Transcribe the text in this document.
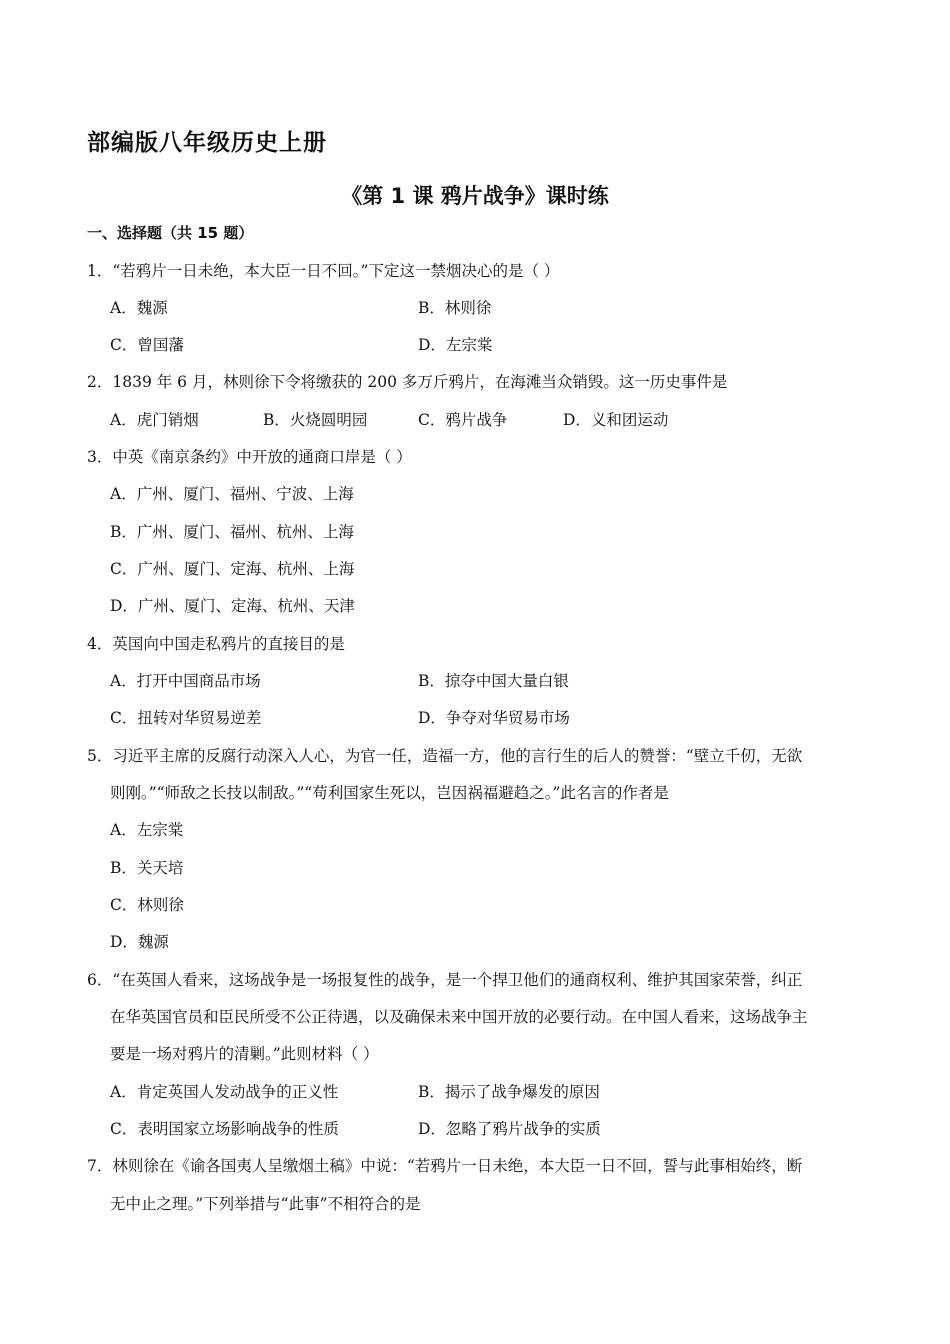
部编版八年级历史上册
《第 1 课 鸦片战争》课时练
一、选择题（共 15 题）
1．“若鸦片一日未绝，本大臣一日不回。”下定这一禁烟决心的是（ ）
A．魏源	B．林则徐
C．曾国藩	D．左宗棠
2．1839 年 6 月，林则徐下令将缴获的 200 多万斤鸦片，在海滩当众销毁。这一历史事件是
A．虎门销烟	B．火烧圆明园	C．鸦片战争	D．义和团运动
3．中英《南京条约》中开放的通商口岸是（ ）
A．广州、厦门、福州、宁波、上海
B．广州、厦门、福州、杭州、上海
C．广州、厦门、定海、杭州、上海
D．广州、厦门、定海、杭州、天津
4．英国向中国走私鸦片的直接目的是
A．打开中国商品市场	B．掠夺中国大量白银
C．扭转对华贸易逆差	D．争夺对华贸易市场
5．习近平主席的反腐行动深入人心，为官一任，造福一方，他的言行生的后人的赞誉：“壁立千仞，无欲
则刚。”“师敌之长技以制敌。”“苟利国家生死以，岂因祸福避趋之。”此名言的作者是
A．左宗棠
B．关天培
C．林则徐
D．魏源
6．“在英国人看来，这场战争是一场报复性的战争，是一个捍卫他们的通商权利、维护其国家荣誉，纠正
在华英国官员和臣民所受不公正待遇，以及确保未来中国开放的必要行动。在中国人看来，这场战争主
要是一场对鸦片的清剿。”此则材料（ ）
A．肯定英国人发动战争的正义性	B．揭示了战争爆发的原因
C．表明国家立场影响战争的性质	D．忽略了鸦片战争的实质
7．林则徐在《谕各国夷人呈缴烟土稿》中说：“若鸦片一日未绝，本大臣一日不回，誓与此事相始终，断
无中止之理。”下列举措与“此事”不相符合的是
